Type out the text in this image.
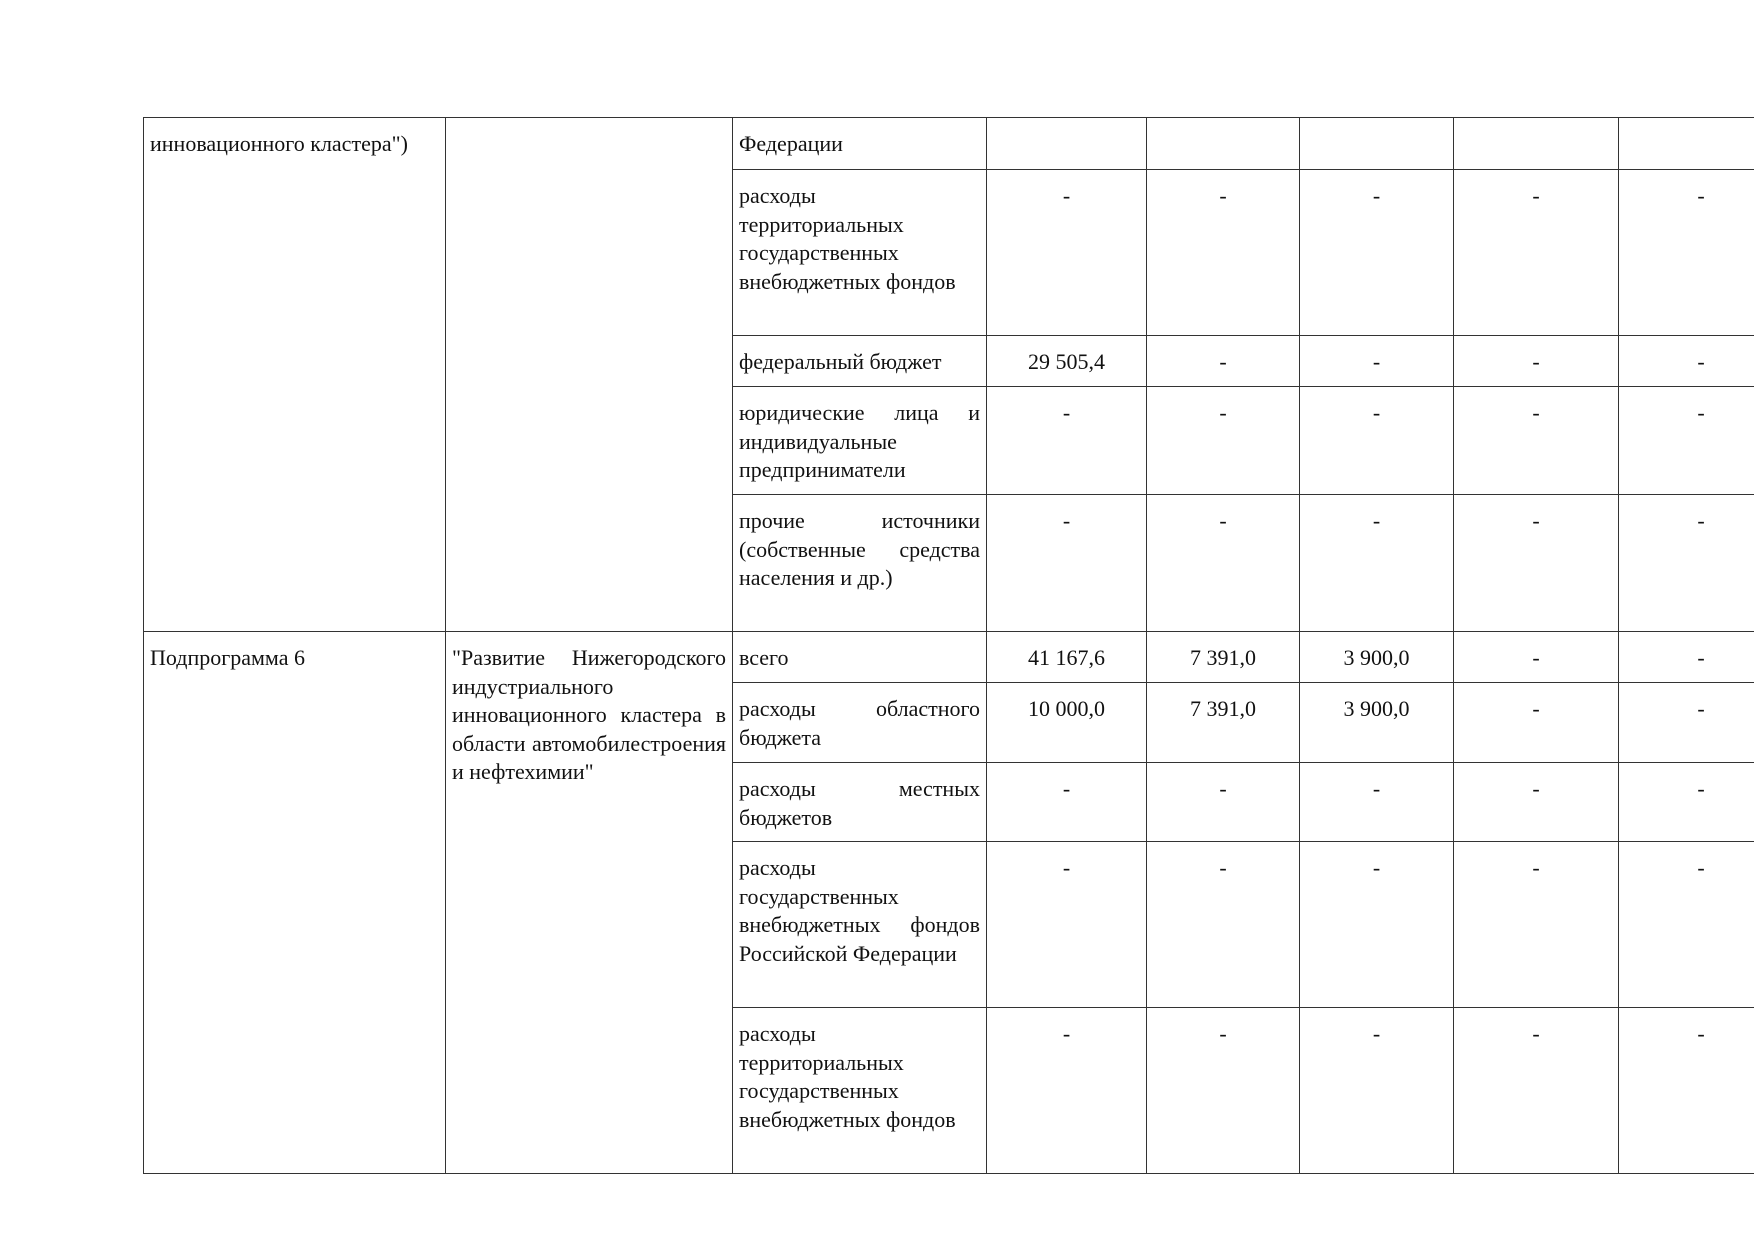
инновационного кластера")		Федерации					
		расходы территориальных государственных внебюджетных фондов	-	-	-	-	-
		федеральный бюджет	29 505,4	-	-	-	-
		юридические лица и индивидуальные предприниматели	-	-	-	-	-
		прочие источники (собственные средства населения и др.)	-	-	-	-	-

Подпрограмма 6	"Развитие Нижегородского индустриального инновационного кластера в области автомобилестроения и нефтехимии"	всего	41 167,6	7 391,0	3 900,0	-	-
		расходы областного бюджета	10 000,0	7 391,0	3 900,0	-	-
		расходы местных бюджетов	-	-	-	-	-
		расходы государственных внебюджетных фондов Российской Федерации	-	-	-	-	-
		расходы территориальных государственных внебюджетных фондов	-	-	-	-	-
